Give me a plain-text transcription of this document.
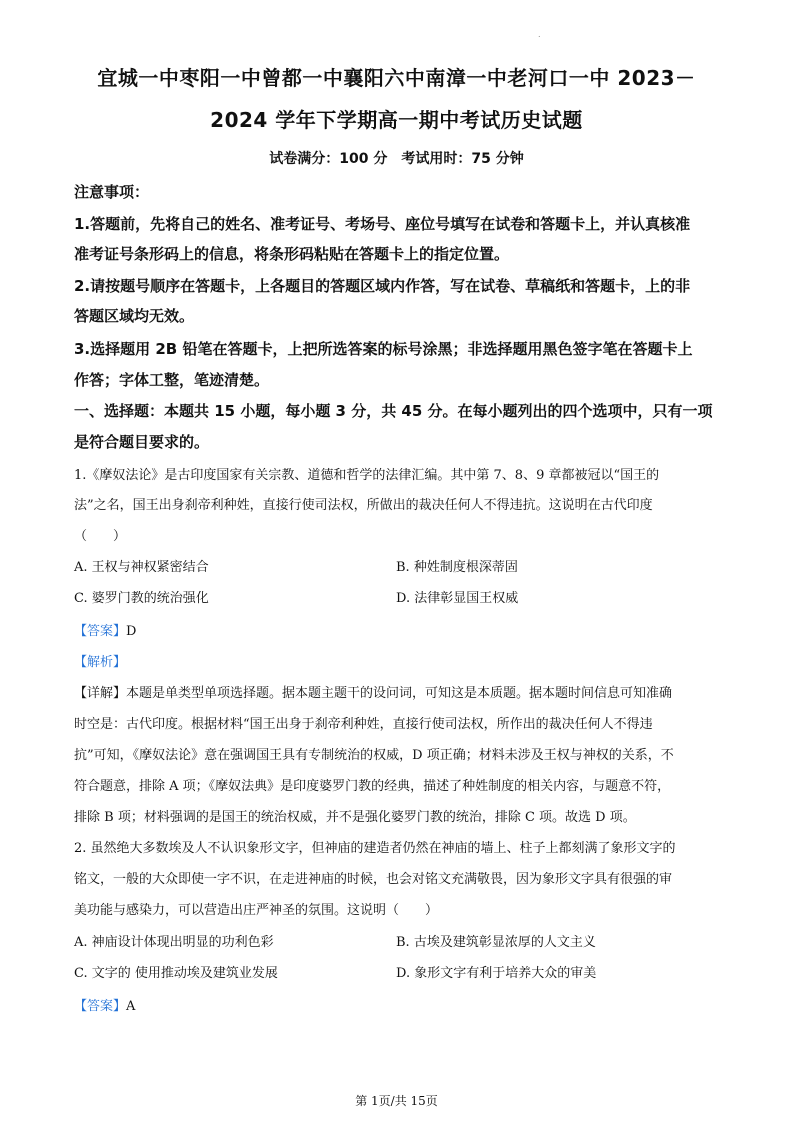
.
宜城一中枣阳一中曾都一中襄阳六中南漳一中老河口一中 2023－
2024 学年下学期高一期中考试历史试题
试卷满分：100 分　考试用时：75 分钟
注意事项：
1.答题前，先将自己的姓名、准考证号、考场号、座位号填写在试卷和答题卡上，并认真核准
准考证号条形码上的信息，将条形码粘贴在答题卡上的指定位置。
2.请按题号顺序在答题卡，上各题目的答题区域内作答，写在试卷、草稿纸和答题卡，上的非
答题区域均无效。
3.选择题用 2B 铅笔在答题卡，上把所选答案的标号涂黑；非选择题用黑色签字笔在答题卡上
作答；字体工整，笔迹清楚。
一、选择题：本题共 15 小题，每小题 3 分，共 45 分。在每小题列出的四个选项中，只有一项
是符合题目要求的。
1.《摩奴法论》是古印度国家有关宗教、道德和哲学的法律汇编。其中第 7、8、9 章都被冠以“国王的
法”之名，国王出身刹帝利种姓，直接行使司法权，所做出的裁决任何人不得违抗。这说明在古代印度
（　　）
A. 王权与神权紧密结合	B. 种姓制度根深蒂固
C. 婆罗门教的统治强化	D. 法律彰显国王权威
【答案】D
【解析】
【详解】本题是单类型单项选择题。据本题主题干的设问词，可知这是本质题。据本题时间信息可知准确
时空是：古代印度。根据材料“国王出身于刹帝利种姓，直接行使司法权，所作出的裁决任何人不得违
抗”可知，《摩奴法论》意在强调国王具有专制统治的权威，D 项正确；材料未涉及王权与神权的关系，不
符合题意，排除 A 项；《摩奴法典》是印度婆罗门教的经典，描述了种姓制度的相关内容，与题意不符，
排除 B 项；材料强调的是国王的统治权威，并不是强化婆罗门教的统治，排除 C 项。故选 D 项。
2. 虽然绝大多数埃及人不认识象形文字，但神庙的建造者仍然在神庙的墙上、柱子上都刻满了象形文字的
铭文，一般的大众即使一字不识，在走进神庙的时候，也会对铭文充满敬畏，因为象形文字具有很强的审
美功能与感染力，可以营造出庄严神圣的氛围。这说明（　　）
A. 神庙设计体现出明显的功利色彩	B. 古埃及建筑彰显浓厚的人文主义
C. 文字的 使用推动埃及建筑业发展	D. 象形文字有利于培养大众的审美
【答案】A
第 1页/共 15页
